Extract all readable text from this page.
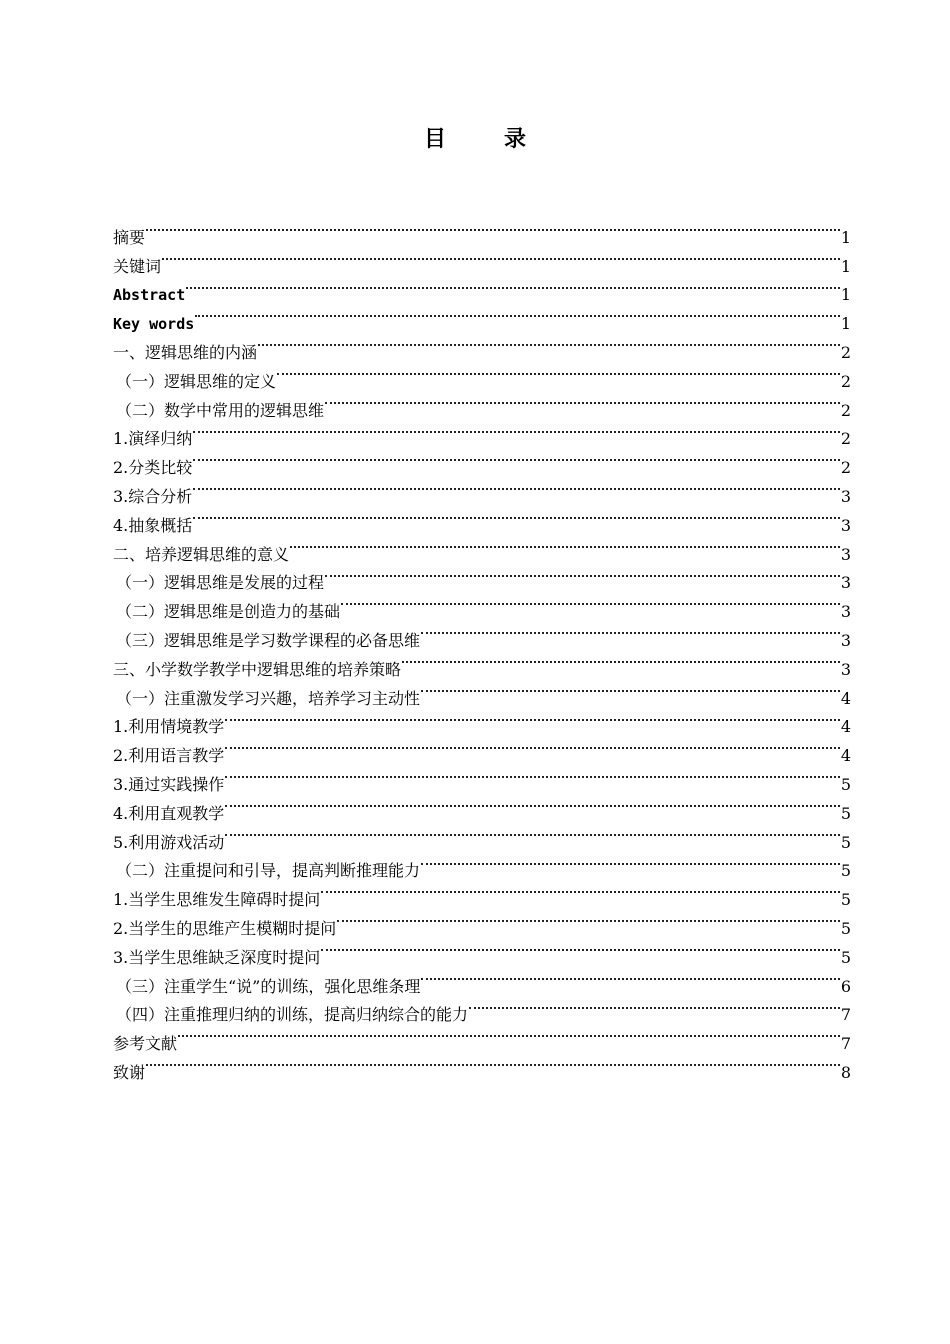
目　录
摘要	1
关键词	1
Abstract	1
Key words	1
一、逻辑思维的内涵	2
（一）逻辑思维的定义	2
（二）数学中常用的逻辑思维	2
1.演绎归纳	2
2.分类比较	2
3.综合分析	3
4.抽象概括	3
二、培养逻辑思维的意义	3
（一）逻辑思维是发展的过程	3
（二）逻辑思维是创造力的基础	3
（三）逻辑思维是学习数学课程的必备思维	3
三、小学数学教学中逻辑思维的培养策略	3
（一）注重激发学习兴趣，培养学习主动性	4
1.利用情境教学	4
2.利用语言教学	4
3.通过实践操作	5
4.利用直观教学	5
5.利用游戏活动	5
（二）注重提问和引导，提高判断推理能力	5
1.当学生思维发生障碍时提问	5
2.当学生的思维产生模糊时提问	5
3.当学生思维缺乏深度时提问	5
（三）注重学生“说”的训练，强化思维条理	6
（四）注重推理归纳的训练，提高归纳综合的能力	7
参考文献	7
致谢	8
